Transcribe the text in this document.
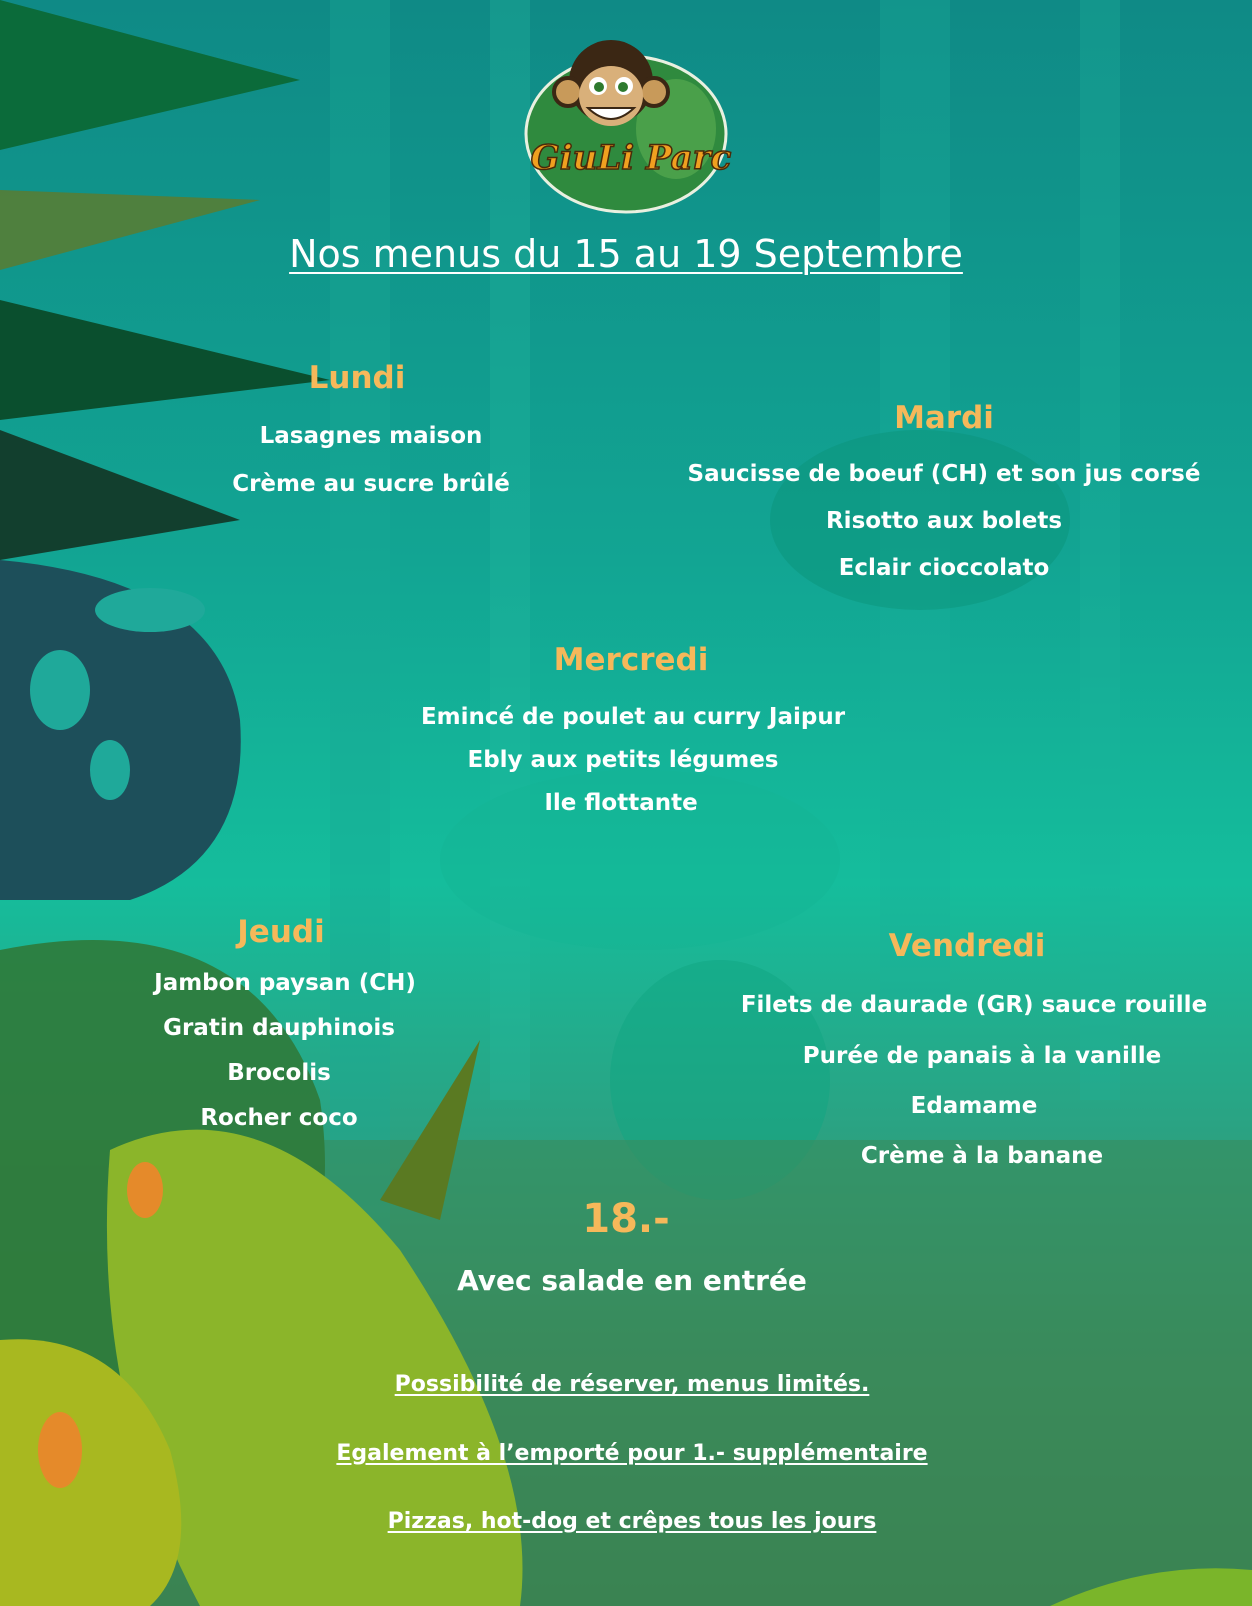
GiuLi Parc
Nos menus du 15 au 19 Septembre
Lundi
Lasagnes maison
Crème au sucre brûlé
Mardi
Saucisse de boeuf (CH) et son jus corsé
Risotto aux bolets
Eclair cioccolato
Mercredi
Emincé de poulet au curry Jaipur
Ebly aux petits légumes
Ile flottante
Jeudi
Jambon paysan (CH)
Gratin dauphinois
Brocolis
Rocher coco
Vendredi
Filets de daurade (GR) sauce rouille
Purée de panais à la vanille
Edamame
Crème à la banane
18.-
Avec salade en entrée
Possibilité de réserver, menus limités.
Egalement à l’emporté pour 1.- supplémentaire
Pizzas, hot-dog et crêpes tous les jours
